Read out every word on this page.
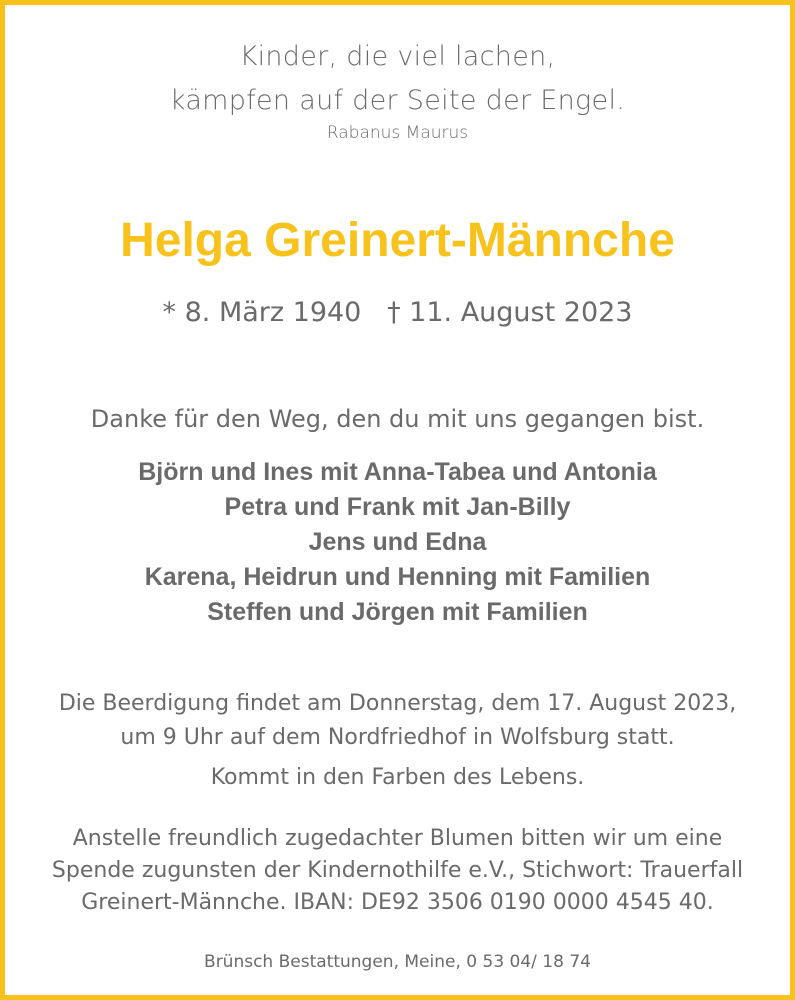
Kinder, die viel lachen,
kämpfen auf der Seite der Engel.
Rabanus Maurus
Helga Greinert-Männche
* 8. März 1940   † 11. August 2023
Danke für den Weg, den du mit uns gegangen bist.
Björn und Ines mit Anna-Tabea und Antonia
Petra und Frank mit Jan-Billy
Jens und Edna
Karena, Heidrun und Henning mit Familien
Steffen und Jörgen mit Familien
Die Beerdigung findet am Donnerstag, dem 17. August 2023,
um 9 Uhr auf dem Nordfriedhof in Wolfsburg statt.
Kommt in den Farben des Lebens.
Anstelle freundlich zugedachter Blumen bitten wir um eine
Spende zugunsten der Kindernothilfe e.V., Stichwort: Trauerfall
Greinert-Männche. IBAN: DE92 3506 0190 0000 4545 40.
Brünsch Bestattungen, Meine, 0 53 04/ 18 74
